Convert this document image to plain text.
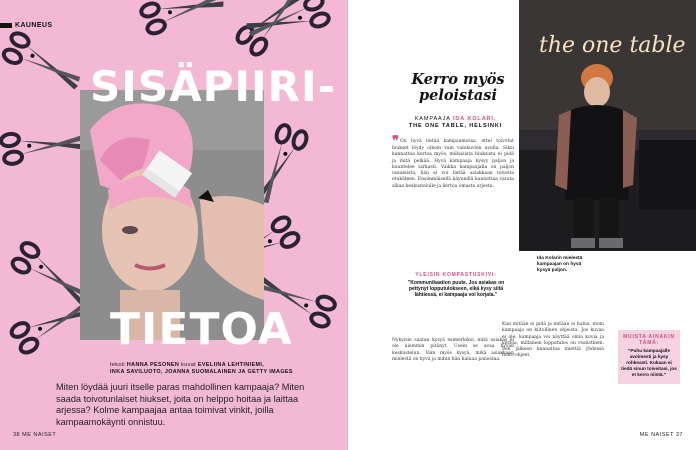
KAUNEUS
SISÄPIIRI-
TIETOA
teksti HANNA PESONEN kuvat EVELIINA LEHTINIEMI,
INKA SAVILUOTO, JOANNA SUOMALAINEN JA GETTY IMAGES
Miten löydää juuri itselle paras mahdollinen kampaaja? Miten saada toivotunlaiset hiukset, joita on helppo hoitaa ja laittaa arjessa? Kolme kampaajaa antaa toimivat vinkit, joilla kampaamokäynti onnistuu.
38 ME NAISET
Kerro myös peloistasi
KAMPAAJA IDA KOLARI,
THE ONE TABLE, HELSINKI
❞On hyvä tietää kampaamossa, ettei toivotut hiukset löydy oikein vain valokuvien avulla. Siksi kannattaa kertoa myös, millaisista hiuksista ei pidä ja mitä pelkää. Hyvä kampaaja kysyy paljon ja kuuntelee tarkasti. Vaikka kampaajalla on paljon osaamista, hän ei voi tietää asiakkaan toiveita etukäteen. Ensimmäisellä käynnillä kannattaa varata aikaa keskustelulle ja kertoa omasta arjesta.
YLEISIN KOMPASTUSKIVI:
”Kommunikaation puute. Jos asiakas on pettynyt lopputulokseen, eikä kysy siitä lähtiessä, ei kampaaja voi korjata.”
Nykyisin saatan kysyä esimerkiksi, mitä asiakas ei ole aiemmin pitänyt. Usein se avaa hyvän keskustelun. Vain myös kysyä, mikä asiakkaan mielestä on hyvä ja mihin hän haluaa panostaa.
Kun mitään ei pidä ja mitään ei halua, moni kampaaja on kiitollinen ohjeista. Jos kuvaa ei ole, kampaaja voi näyttää omia kuvia ja kertoa, millainen lopputulos on realistinen. Sen jälkeen kannattaa miettiä yhdessä hoito-ohjeet.
the one table
Ida Kolarin mielestä kampaajan on hyvä kysyä paljon.
MUISTA AINAKIN TÄMÄ:
”Puhu kampaajalle avoimesti ja kysy rohkeasti. Kukaan ei tiedä sinun toiveitasi, jos et kerro niistä.”
ME NAISET 37
